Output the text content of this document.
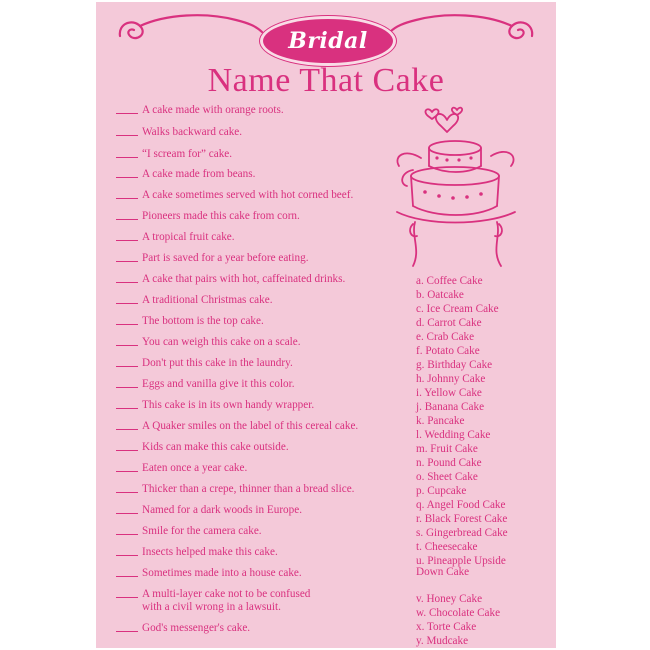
Bridal
Name That Cake
A cake made with orange roots.
Walks backward cake.
“I scream for” cake.
A cake made from beans.
A cake sometimes served with hot corned beef.
Pioneers made this cake from corn.
A tropical fruit cake.
Part is saved for a year before eating.
A cake that pairs with hot, caffeinated drinks.
A traditional Christmas cake.
The bottom is the top cake.
You can weigh this cake on a scale.
Don't put this cake in the laundry.
Eggs and vanilla give it this color.
This cake is in its own handy wrapper.
A Quaker smiles on the label of this cereal cake.
Kids can make this cake outside.
Eaten once a year cake.
Thicker than a crepe, thinner than a bread slice.
Named for a dark woods in Europe.
Smile for the camera cake.
Insects helped make this cake.
Sometimes made into a house cake.
A multi-layer cake not to be confused
with a civil wrong in a lawsuit.
God's messenger's cake.
a. Coffee Cake
b. Oatcake
c. Ice Cream Cake
d. Carrot Cake
e. Crab Cake
f. Potato Cake
g. Birthday Cake
h. Johnny Cake
i. Yellow Cake
j. Banana Cake
k. Pancake
l. Wedding Cake
m. Fruit Cake
n. Pound Cake
o. Sheet Cake
p. Cupcake
q. Angel Food Cake
r. Black Forest Cake
s. Gingerbread Cake
t. Cheesecake
u. Pineapple Upside
Down Cake
v. Honey Cake
w. Chocolate Cake
x. Torte Cake
y. Mudcake
